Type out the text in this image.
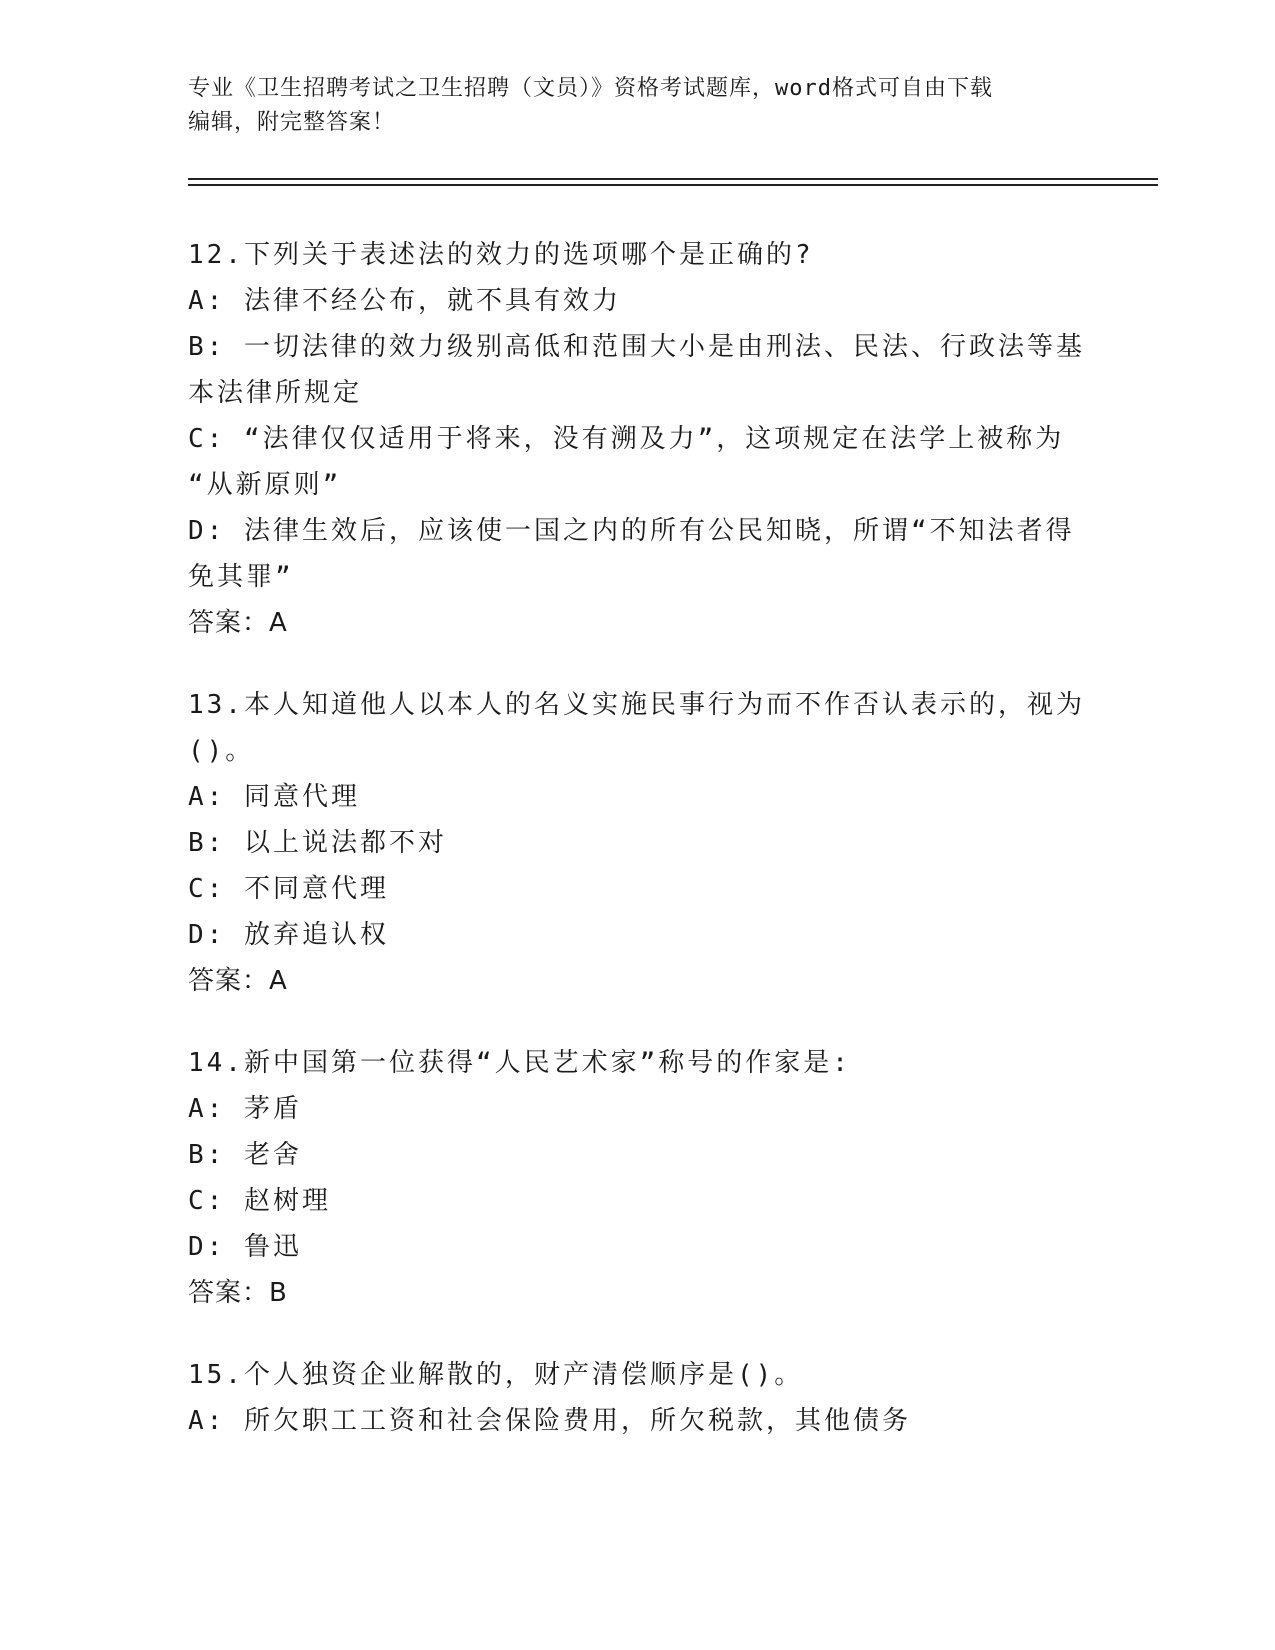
专业《卫生招聘考试之卫生招聘（文员）》资格考试题库，word格式可自由下载
编辑，附完整答案！
12.下列关于表述法的效力的选项哪个是正确的?
A: 法律不经公布，就不具有效力
B: 一切法律的效力级别高低和范围大小是由刑法、民法、行政法等基
本法律所规定
C: “法律仅仅适用于将来，没有溯及力”，这项规定在法学上被称为
“从新原则”
D: 法律生效后，应该使一国之内的所有公民知晓，所谓“不知法者得
免其罪”
答案：A
13.本人知道他人以本人的名义实施民事行为而不作否认表示的，视为
()。
A: 同意代理
B: 以上说法都不对
C: 不同意代理
D: 放弃追认权
答案：A
14.新中国第一位获得“人民艺术家”称号的作家是:
A: 茅盾
B: 老舍
C: 赵树理
D: 鲁迅
答案：B
15.个人独资企业解散的，财产清偿顺序是()。
A: 所欠职工工资和社会保险费用，所欠税款，其他债务
